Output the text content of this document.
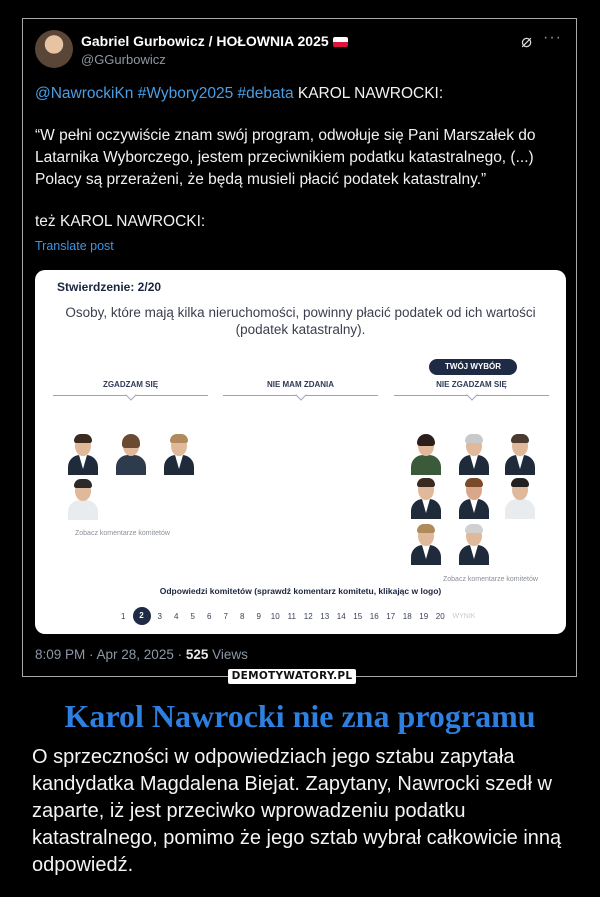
Gabriel Gurbowicz / HOŁOWNIA 2025
@GGurbowicz
⌀ ···

@NawrockiKn #Wybory2025 #debata KAROL NAWROCKI:

“W pełni oczywiście znam swój program, odwołuje się Pani Marszałek do Latarnika Wyborczego, jestem przeciwnikiem podatku katastralnego, (...) Polacy są przerażeni, że będą musieli płacić podatek katastralny.”

też KAROL NAWROCKI:

Translate post
Stwierdzenie: 2/20
Osoby, które mają kilka nieruchomości, powinny płacić podatek od ich wartości (podatek katastralny).
TWÓJ WYBÓR
ZGADZAM SIĘ	NIE MAM ZDANIA	NIE ZGADZAM SIĘ
Zobacz komentarze komitetów
Zobacz komentarze komitetów
Odpowiedzi komitetów (sprawdź komentarz komitetu, klikając w logo)
1	2	3	4	5	6	7	8	9	10 11 12 13 14 15 16 17 18 19 20	WYNIK
8:09 PM · Apr 28, 2025 · 525 Views
DEMOTYWATORY.PL
Karol Nawrocki nie zna programu
O sprzeczności w odpowiedziach jego sztabu zapytała kandydatka Magdalena Biejat. Zapytany, Nawrocki szedł w zaparte, iż jest przeciwko wprowadzeniu podatku katastralnego, pomimo że jego sztab wybrał całkowicie inną odpowiedź.
